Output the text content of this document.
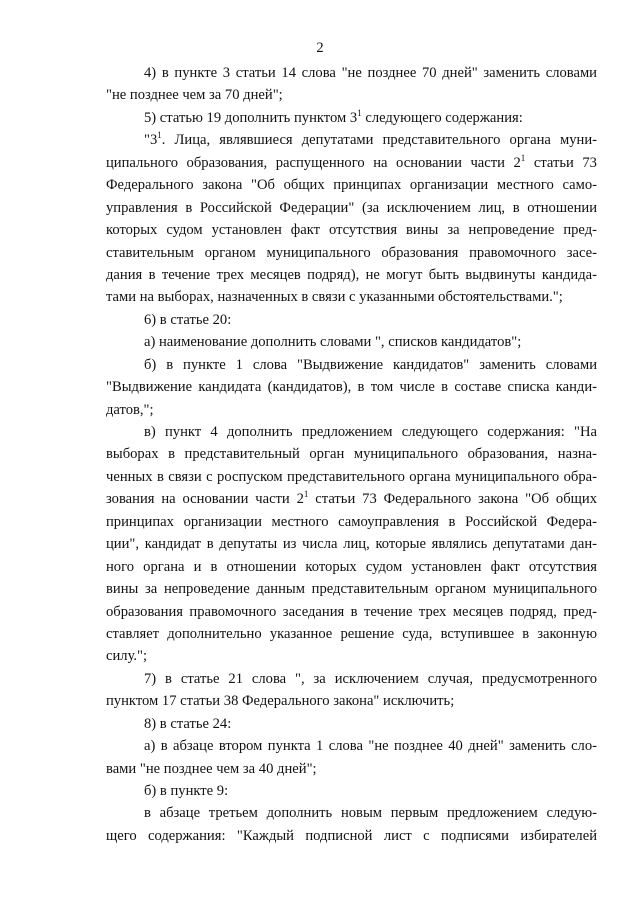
2
4) в пункте 3 статьи 14 слова "не позднее 70 дней" заменить словами
"не позднее чем за 70 дней";
5) статью 19 дополнить пунктом $3^1$ следующего содержания:
"$3^1$. Лица, являвшиеся депутатами представительного органа муни-
ципального образования, распущенного на основании части $2^1$ статьи 73
Федерального закона "Об общих принципах организации местного само-
управления в Российской Федерации" (за исключением лиц, в отношении
которых судом установлен факт отсутствия вины за непроведение пред-
ставительным органом муниципального образования правомочного засе-
дания в течение трех месяцев подряд), не могут быть выдвинуты кандида-
тами на выборах, назначенных в связи с указанными обстоятельствами.";
6) в статье 20:
а) наименование дополнить словами ", списков кандидатов";
б) в пункте 1 слова "Выдвижение кандидатов" заменить словами
"Выдвижение кандидата (кандидатов), в том числе в составе списка канди-
датов,";
в) пункт 4 дополнить предложением следующего содержания: "На
выборах в представительный орган муниципального образования, назна-
ченных в связи с роспуском представительного органа муниципального обра-
зования на основании части $2^1$ статьи 73 Федерального закона "Об общих
принципах организации местного самоуправления в Российской Федера-
ции", кандидат в депутаты из числа лиц, которые являлись депутатами дан-
ного органа и в отношении которых судом установлен факт отсутствия
вины за непроведение данным представительным органом муниципального
образования правомочного заседания в течение трех месяцев подряд, пред-
ставляет дополнительно указанное решение суда, вступившее в законную
силу.";
7) в статье 21 слова ", за исключением случая, предусмотренного
пунктом 17 статьи 38 Федерального закона" исключить;
8) в статье 24:
а) в абзаце втором пункта 1 слова "не позднее 40 дней" заменить сло-
вами "не позднее чем за 40 дней";
б) в пункте 9:
в абзаце третьем дополнить новым первым предложением следую-
щего содержания: "Каждый подписной лист с подписями избирателей
